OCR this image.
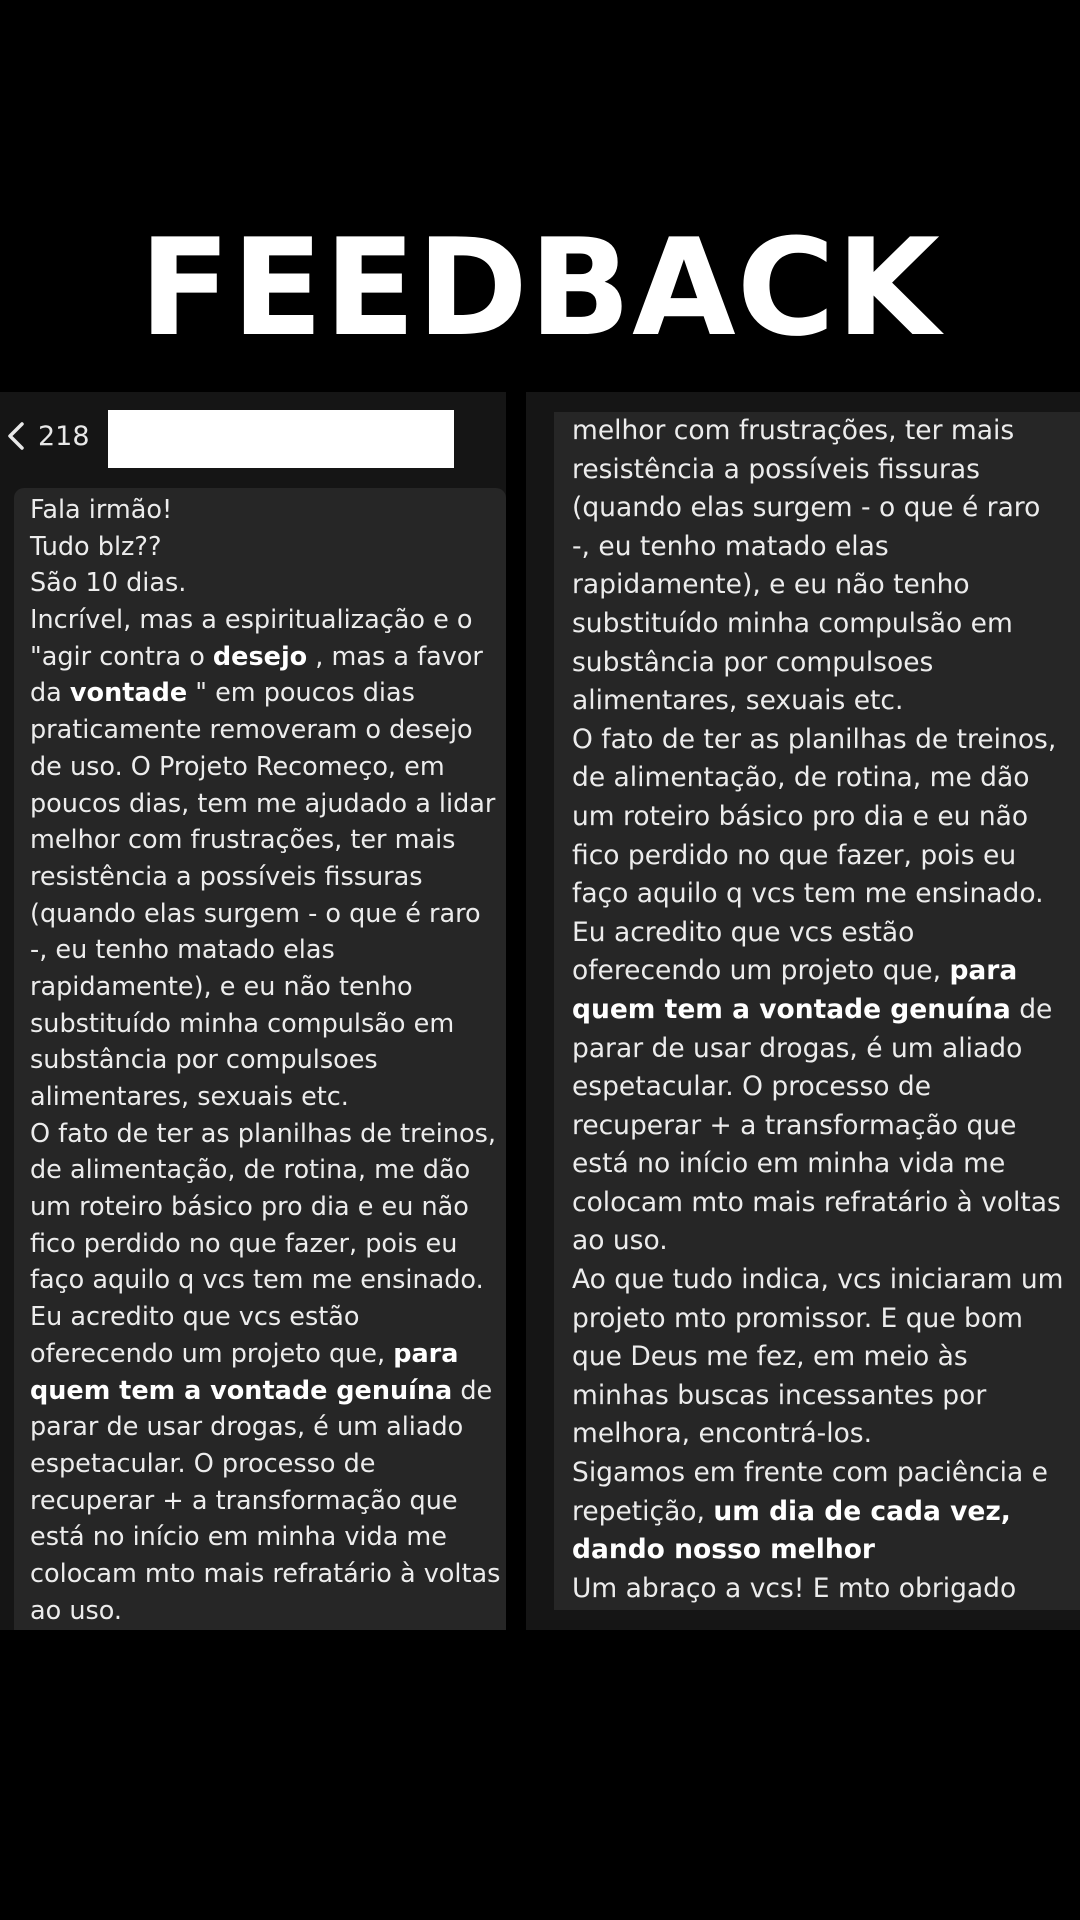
FEEDBACK
218
Fala irmão!
Tudo blz??
São 10 dias.
Incrível, mas a espiritualização e o
"agir contra o desejo , mas a favor
da vontade " em poucos dias
praticamente removeram o desejo
de uso. O Projeto Recomeço, em
poucos dias, tem me ajudado a lidar
melhor com frustrações, ter mais
resistência a possíveis fissuras
(quando elas surgem - o que é raro
-, eu tenho matado elas
rapidamente), e eu não tenho
substituído minha compulsão em
substância por compulsoes
alimentares, sexuais etc.
O fato de ter as planilhas de treinos,
de alimentação, de rotina, me dão
um roteiro básico pro dia e eu não
fico perdido no que fazer, pois eu
faço aquilo q vcs tem me ensinado.
Eu acredito que vcs estão
oferecendo um projeto que, para
quem tem a vontade genuína de
parar de usar drogas, é um aliado
espetacular. O processo de
recuperar + a transformação que
está no início em minha vida me
colocam mto mais refratário à voltas
ao uso.
melhor com frustrações, ter mais
resistência a possíveis fissuras
(quando elas surgem - o que é raro
-, eu tenho matado elas
rapidamente), e eu não tenho
substituído minha compulsão em
substância por compulsoes
alimentares, sexuais etc.
O fato de ter as planilhas de treinos,
de alimentação, de rotina, me dão
um roteiro básico pro dia e eu não
fico perdido no que fazer, pois eu
faço aquilo q vcs tem me ensinado.
Eu acredito que vcs estão
oferecendo um projeto que, para
quem tem a vontade genuína de
parar de usar drogas, é um aliado
espetacular. O processo de
recuperar + a transformação que
está no início em minha vida me
colocam mto mais refratário à voltas
ao uso.
Ao que tudo indica, vcs iniciaram um
projeto mto promissor. E que bom
que Deus me fez, em meio às
minhas buscas incessantes por
melhora, encontrá-los.
Sigamos em frente com paciência e
repetição, um dia de cada vez,
dando nosso melhor
Um abraço a vcs! E mto obrigado
